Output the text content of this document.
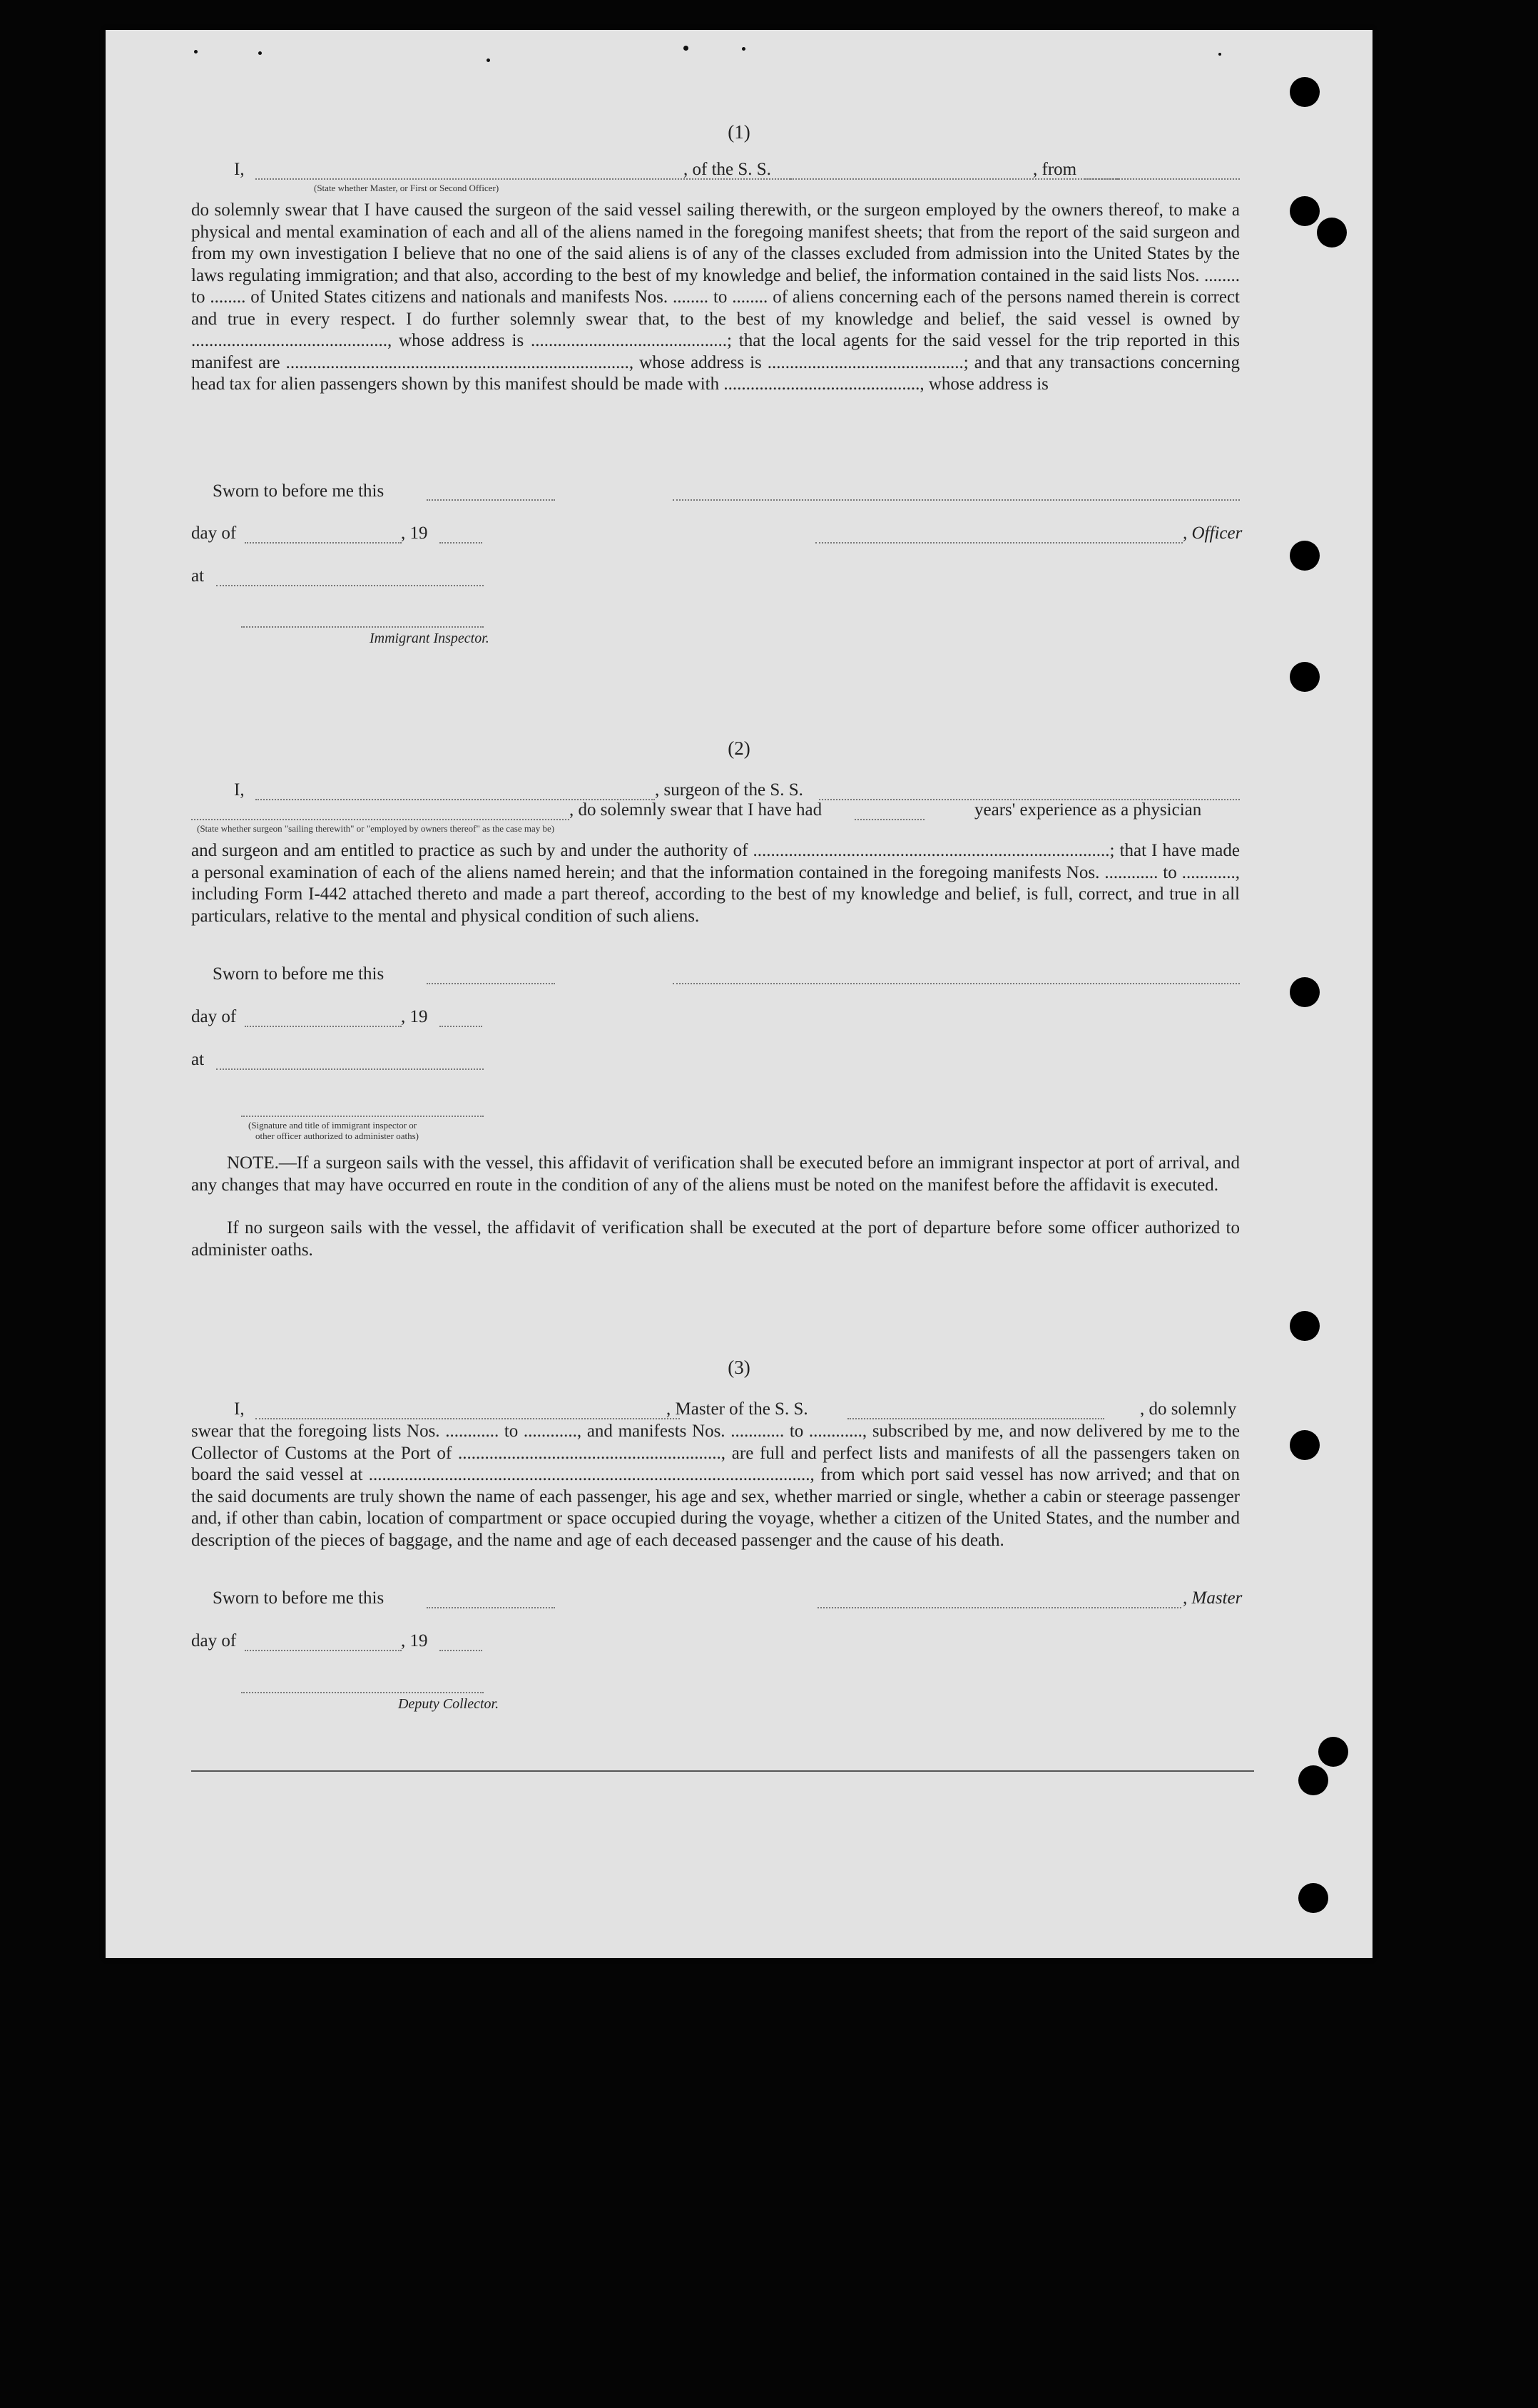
(1)
I,	, of the S. S.	, from
(State whether Master, or First or Second Officer)
do solemnly swear that I have caused the surgeon of the said vessel sailing therewith, or the surgeon employed by the owners thereof, to make a physical and mental examination of each and all of the aliens named in the foregoing manifest sheets; that from the report of the said surgeon and from my own investigation I believe that no one of the said aliens is of any of the classes excluded from admission into the United States by the laws regulating immigration; and that also, according to the best of my knowledge and belief, the information contained in the said lists Nos. ........ to ........ of United States citizens and nationals and manifests Nos. ........ to ........ of aliens concerning each of the persons named therein is correct and true in every respect. I do further solemnly swear that, to the best of my knowledge and belief, the said vessel is owned by ............................................, whose address is ............................................; that the local agents for the said vessel for the trip reported in this manifest are ............................................................................., whose address is ............................................; and that any transactions concerning head tax for alien passengers shown by this manifest should be made with ............................................, whose address is
Sworn to before me this
day of	, 19	, Officer
at
Immigrant Inspector.
(2)
I,	, surgeon of the S. S.
, do solemnly swear that I have had	years' experience as a physician
(State whether surgeon "sailing therewith" or "employed by owners thereof" as the case may be)
and surgeon and am entitled to practice as such by and under the authority of ................................................................................; that I have made a personal examination of each of the aliens named herein; and that the information contained in the foregoing manifests Nos. ............ to ............, including Form I-442 attached thereto and made a part thereof, according to the best of my knowledge and belief, is full, correct, and true in all particulars, relative to the mental and physical condition of such aliens.
Sworn to before me this
day of	, 19
at
(Signature and title of immigrant inspector or
other officer authorized to administer oaths)
NOTE.—If a surgeon sails with the vessel, this affidavit of verification shall be executed before an immigrant inspector at port of arrival, and any changes that may have occurred en route in the condition of any of the aliens must be noted on the manifest before the affidavit is executed.
If no surgeon sails with the vessel, the affidavit of verification shall be executed at the port of departure before some officer authorized to administer oaths.
(3)
I,	, Master of the S. S.	, do solemnly
swear that the foregoing lists Nos. ............ to ............, and manifests Nos. ............ to ............, subscribed by me, and now delivered by me to the Collector of Customs at the Port of ..........................................................., are full and perfect lists and manifests of all the passengers taken on board the said vessel at ..................................................................................................., from which port said vessel has now arrived; and that on the said documents are truly shown the name of each passenger, his age and sex, whether married or single, whether a cabin or steerage passenger and, if other than cabin, location of compartment or space occupied during the voyage, whether a citizen of the United States, and the number and description of the pieces of baggage, and the name and age of each deceased passenger and the cause of his death.
Sworn to before me this	, Master
day of	, 19
Deputy Collector.
